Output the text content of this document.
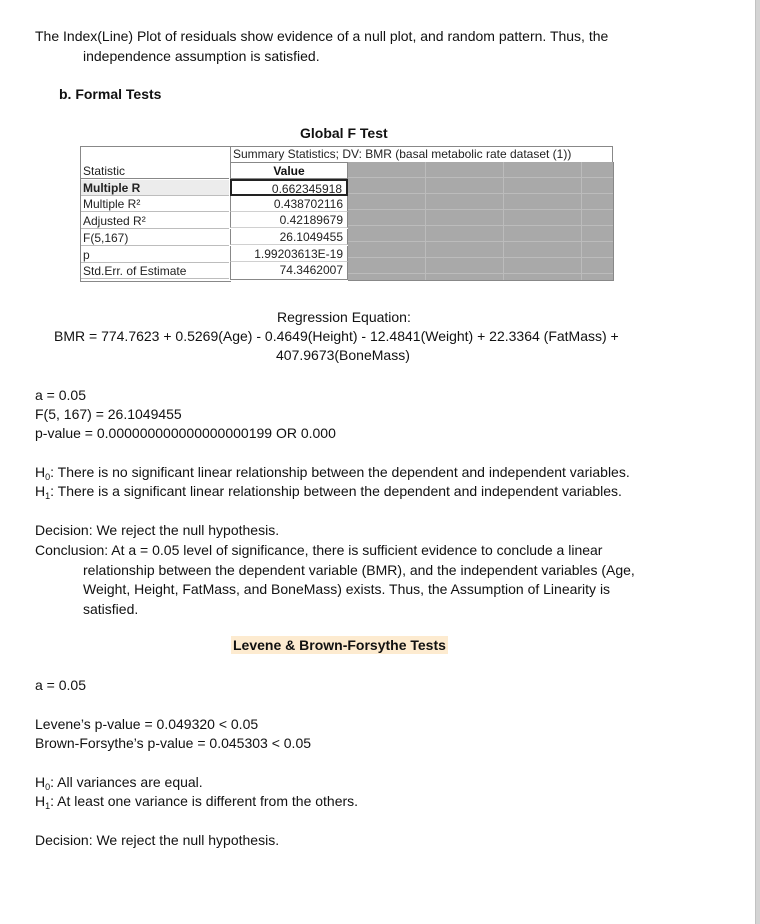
The Index(Line) Plot of residuals show evidence of a null plot, and random pattern. Thus, the
independence assumption is satisfied.
b. Formal Tests
Global F Test
Summary Statistics; DV: BMR (basal metabolic rate dataset (1))
Statistic	Value
Multiple R	0.662345918
Multiple R²	0.438702116
Adjusted R²	0.42189679
F(5,167)	26.1049455
p	1.99203613E-19
Std.Err. of Estimate	74.3462007
Regression Equation:
BMR = 774.7623 + 0.5269(Age) - 0.4649(Height) - 12.4841(Weight) + 22.3364 (FatMass) +
407.9673(BoneMass)
a = 0.05
F(5, 167) = 26.1049455
p-value = 0.000000000000000000199 OR 0.000
$H_0$: There is no significant linear relationship between the dependent and independent variables.
$H_1$: There is a significant linear relationship between the dependent and independent variables.
Decision: We reject the null hypothesis.
Conclusion: At a = 0.05 level of significance, there is sufficient evidence to conclude a linear relationship between the dependent variable (BMR), and the independent variables (Age, Weight, Height, FatMass, and BoneMass) exists. Thus, the Assumption of Linearity is satisfied.
Levene & Brown-Forsythe Tests
a = 0.05
Levene’s p-value = 0.049320 < 0.05
Brown-Forsythe’s p-value = 0.045303 < 0.05
$H_0$: All variances are equal.
$H_1$: At least one variance is different from the others.
Decision: We reject the null hypothesis.
